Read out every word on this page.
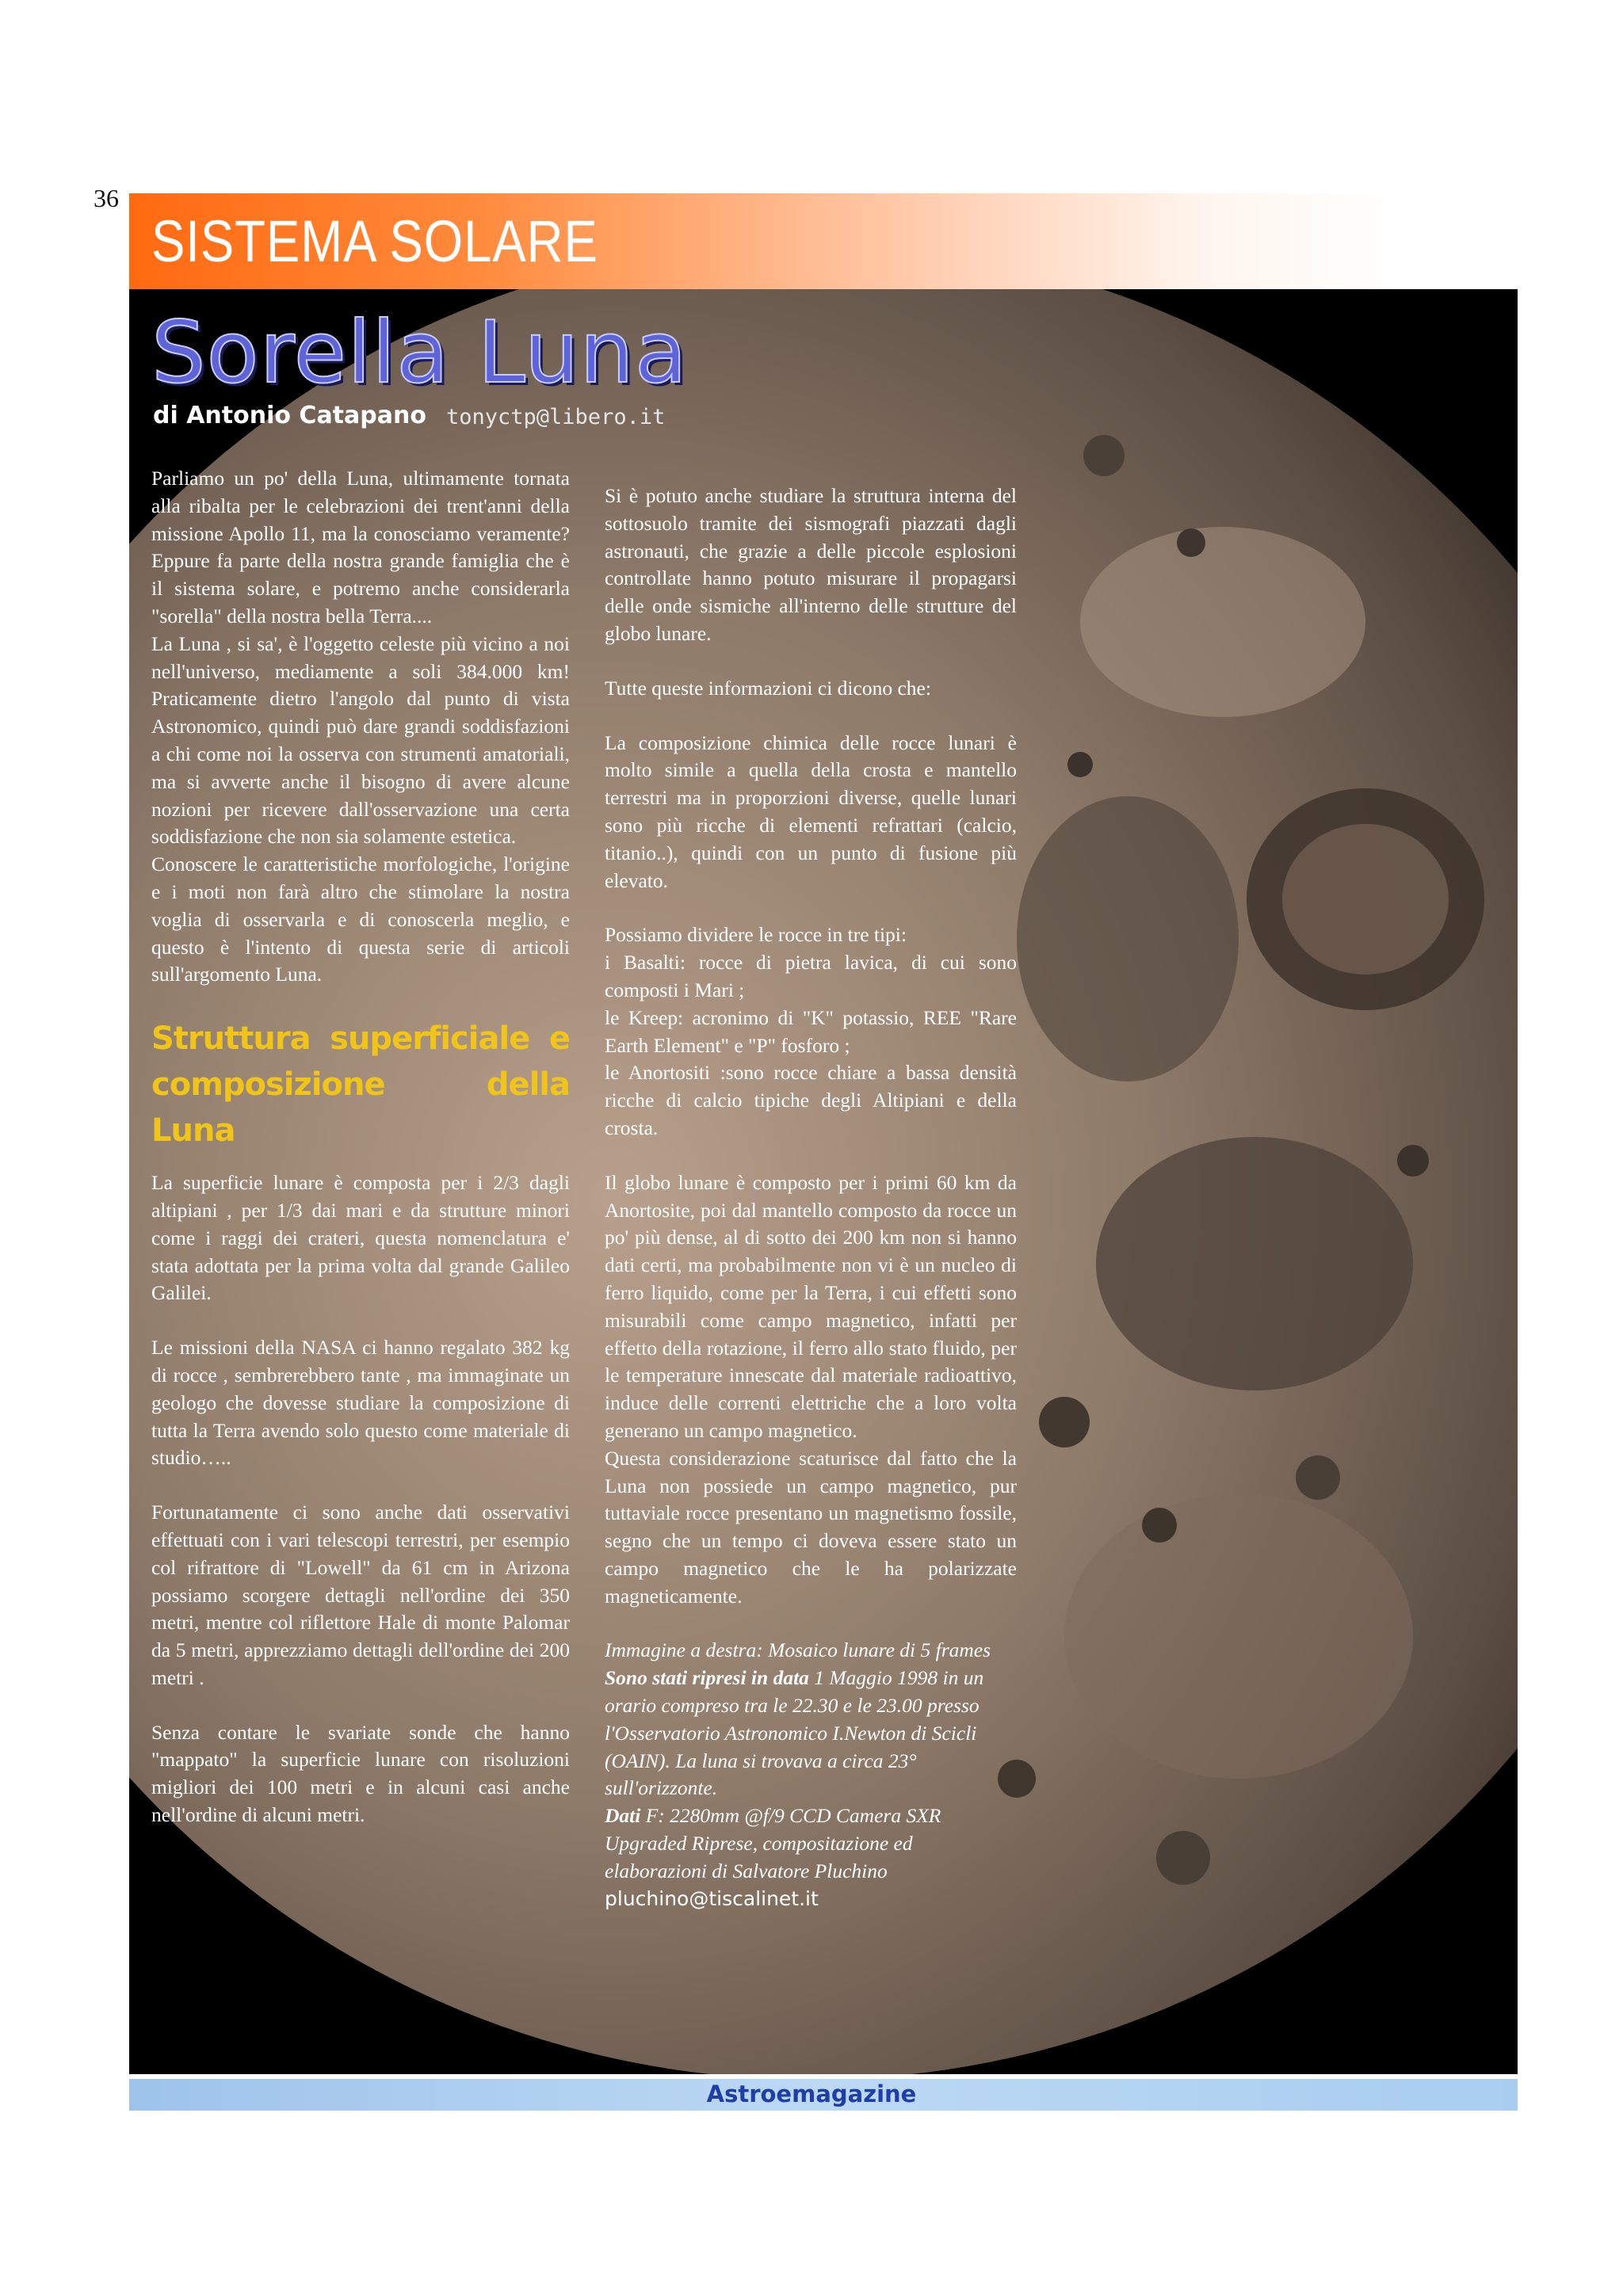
36
SISTEMA SOLARE
Sorella Luna
di Antonio Catapano tonyctp@libero.it

Parliamo un po' della Luna, ultimamente tornata alla ribalta per le celebrazioni dei trent'anni della missione Apollo 11, ma la conosciamo veramente? Eppure fa parte della nostra grande famiglia che è il sistema solare, e potremo anche considerarla "sorella" della nostra bella Terra....

La Luna , si sa', è l'oggetto celeste più vicino a noi nell'universo, mediamente a soli 384.000 km! Praticamente dietro l'angolo dal punto di vista Astronomico, quindi può dare grandi soddisfazioni a chi come noi la osserva con strumenti amatoriali, ma si avverte anche il bisogno di avere alcune nozioni per ricevere dall'osservazione una certa soddisfazione che non sia solamente estetica.

Conoscere le caratteristiche morfologiche, l'origine e i moti non farà altro che stimolare la nostra voglia di osservarla e di conoscerla meglio, e questo è l'intento di questa serie di articoli sull'argomento Luna.

Struttura superficiale e composizione della Luna

La superficie lunare è composta per i 2/3 dagli altipiani , per 1/3 dai mari e da strutture minori come i raggi dei crateri, questa nomenclatura e' stata adottata per la prima volta dal grande Galileo Galilei.

Le missioni della NASA ci hanno regalato 382 kg di rocce , sembrerebbero tante , ma immaginate un geologo che dovesse studiare la composizione di tutta la Terra avendo solo questo come materiale di studio…..

Fortunatamente ci sono anche dati osservativi effettuati con i vari telescopi terrestri, per esempio col rifrattore di "Lowell" da 61 cm in Arizona possiamo scorgere dettagli nell'ordine dei 350 metri, mentre col riflettore Hale di monte Palomar da 5 metri, apprezziamo dettagli dell'ordine dei 200 metri .

Senza contare le svariate sonde che hanno "mappato" la superficie lunare con risoluzioni migliori dei 100 metri e in alcuni casi anche nell'ordine di alcuni metri.

Si è potuto anche studiare la struttura interna del sottosuolo tramite dei sismografi piazzati dagli astronauti, che grazie a delle piccole esplosioni controllate hanno potuto misurare il propagarsi delle onde sismiche all'interno delle strutture del globo lunare.

Tutte queste informazioni ci dicono che:

La composizione chimica delle rocce lunari è molto simile a quella della crosta e mantello terrestri ma in proporzioni diverse, quelle lunari sono più ricche di elementi refrattari (calcio, titanio..), quindi con un punto di fusione più elevato.

Possiamo dividere le rocce in tre tipi:

i Basalti: rocce di pietra lavica, di cui sono composti i Mari ;

le Kreep: acronimo di "K" potassio, REE "Rare Earth Element" e "P" fosforo ;

le Anortositi :sono rocce chiare a bassa densità ricche di calcio tipiche degli Altipiani e della crosta.

Il globo lunare è composto per i primi 60 km da Anortosite, poi dal mantello composto da rocce un po' più dense, al di sotto dei 200 km non si hanno dati certi, ma probabilmente non vi è un nucleo di ferro liquido, come per la Terra, i cui effetti sono misurabili come campo magnetico, infatti per effetto della rotazione, il ferro allo stato fluido, per le temperature innescate dal materiale radioattivo, induce delle correnti elettriche che a loro volta generano un campo magnetico.

Questa considerazione scaturisce dal fatto che la Luna non possiede un campo magnetico, pur tuttaviale rocce presentano un magnetismo fossile, segno che un tempo ci doveva essere stato un campo magnetico che le ha polarizzate magneticamente.

Immagine a destra: Mosaico lunare di 5 frames
Sono stati ripresi in data 1 Maggio 1998 in un orario compreso tra le 22.30 e le 23.00 presso l'Osservatorio Astronomico I.Newton di Scicli (OAIN). La luna si trovava a circa 23° sull'orizzonte.
Dati F: 2280mm @f/9 CCD Camera SXR Upgraded Riprese, compositazione ed elaborazioni di Salvatore Pluchino pluchino@tiscalinet.it

Astroemagazine
